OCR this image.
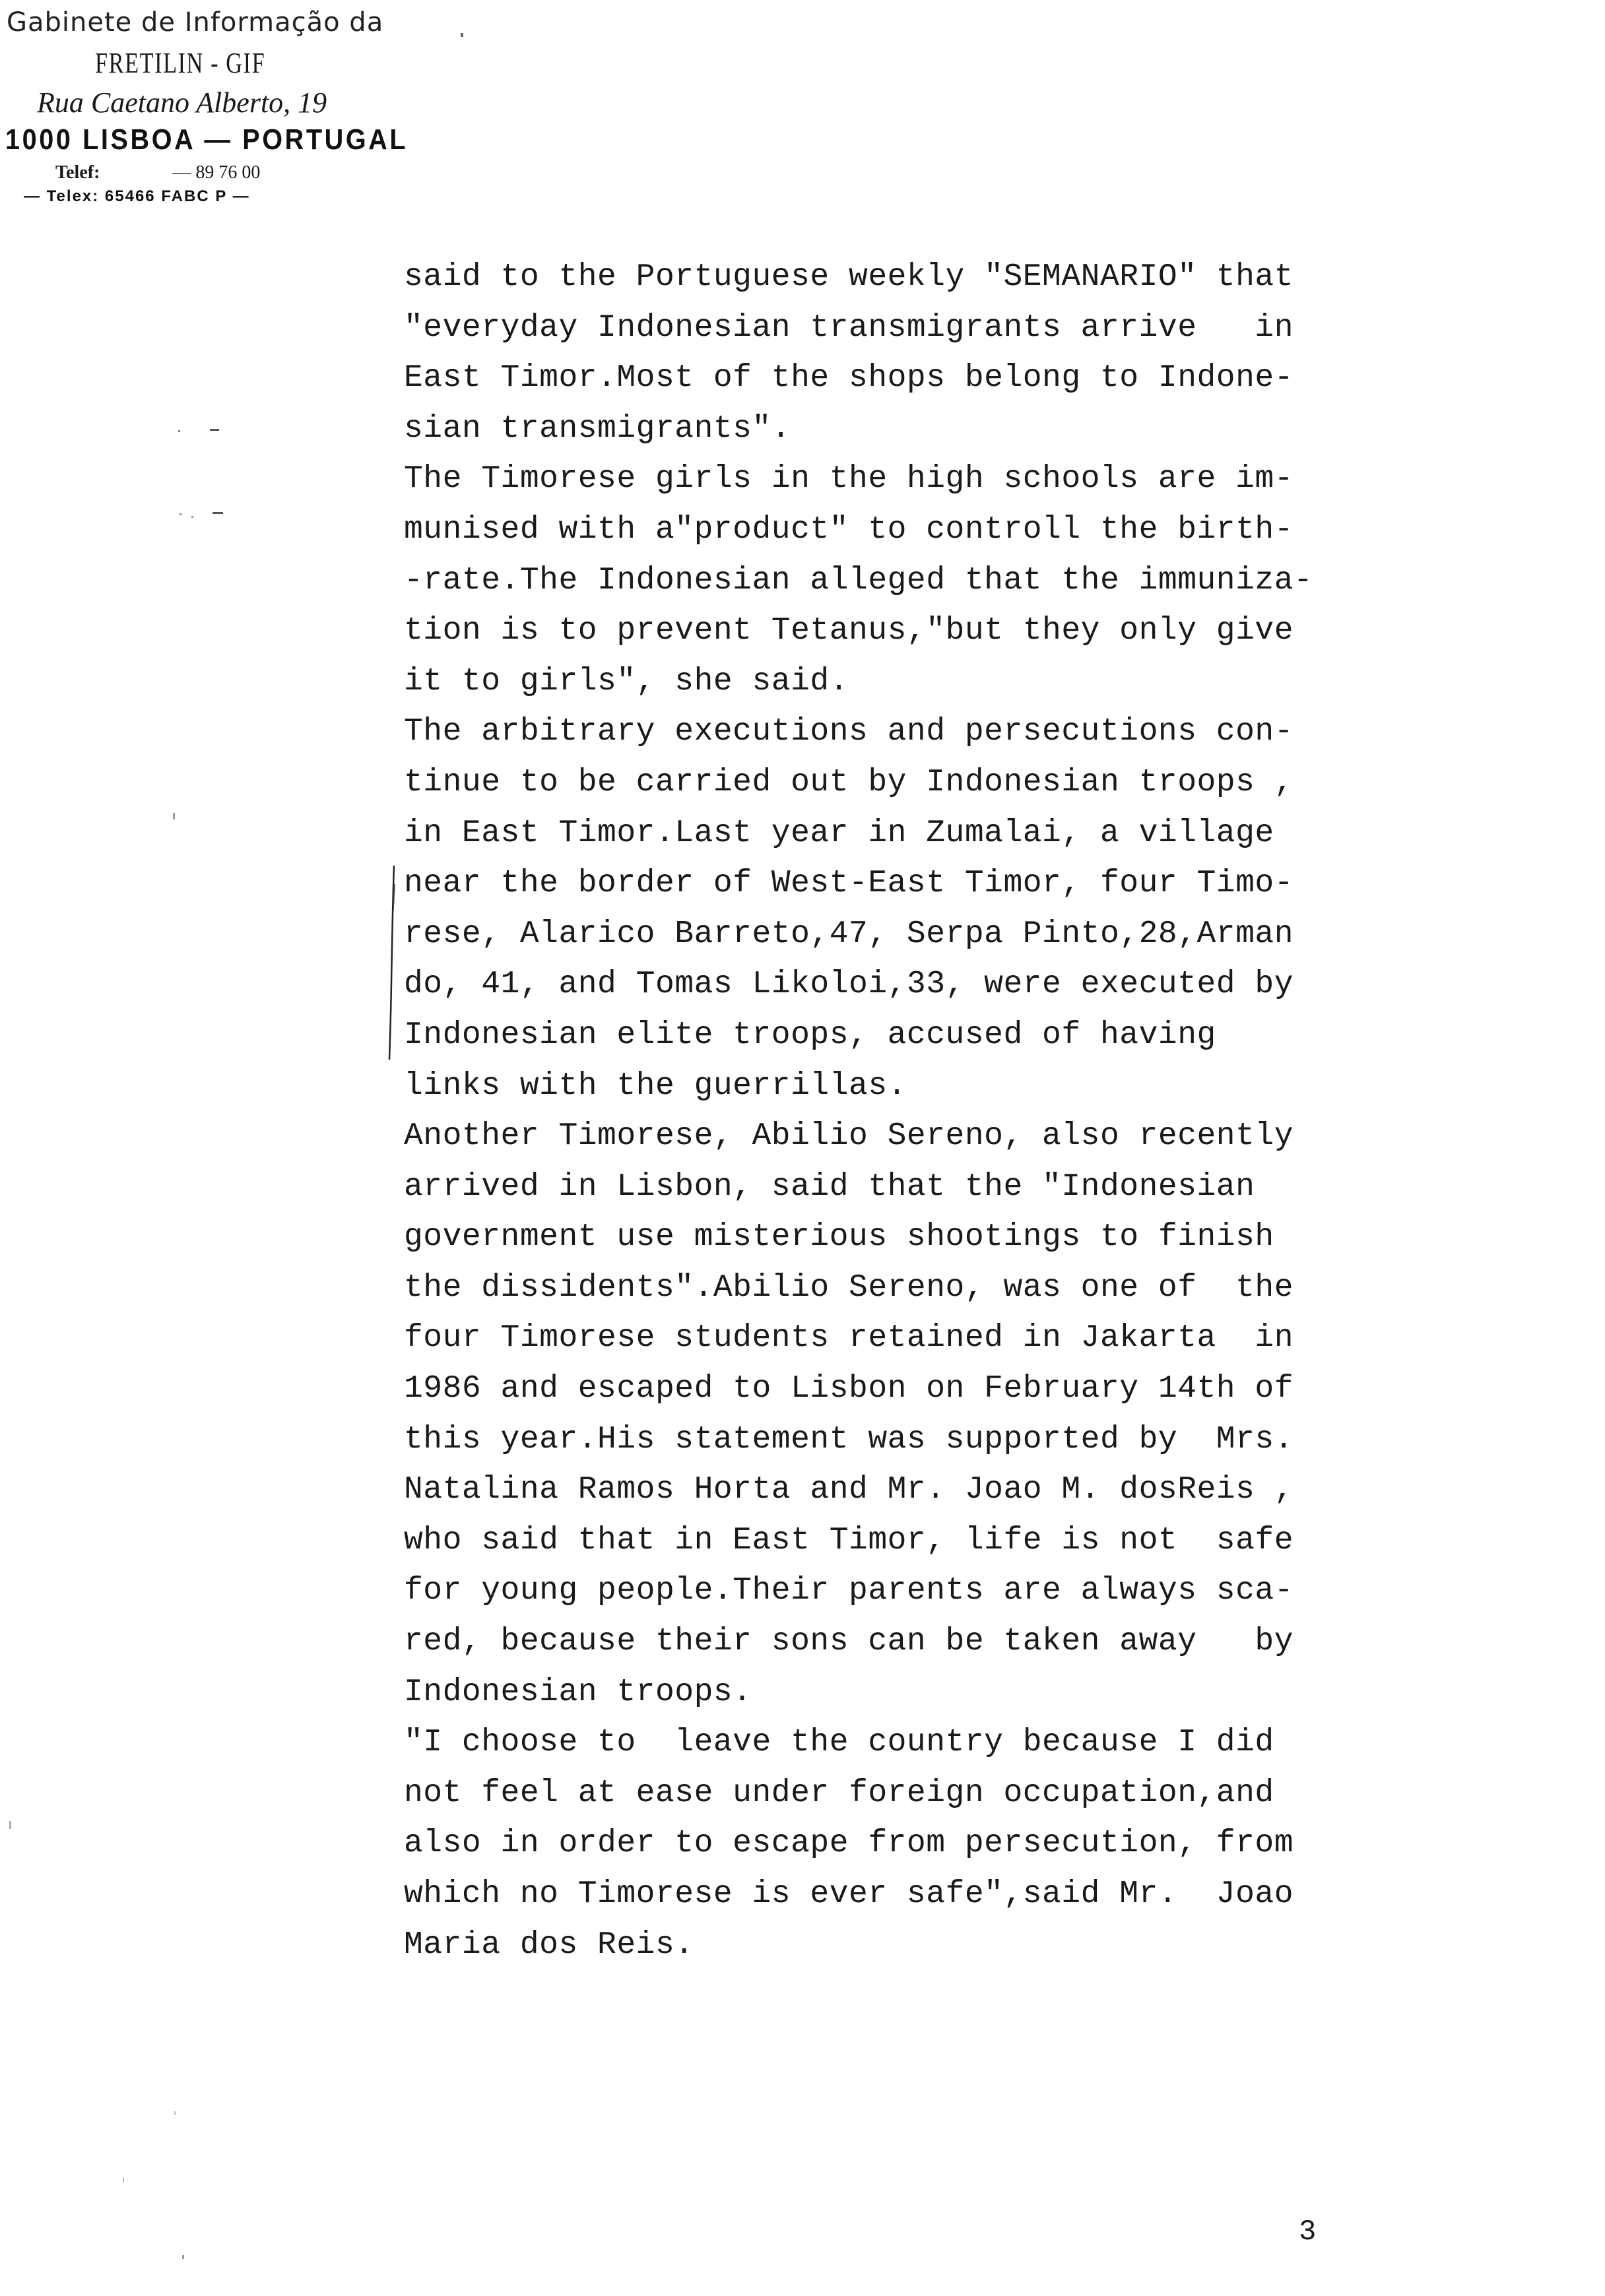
Gabinete de Informação da
FRETILIN - GIF
Rua Caetano Alberto, 19
1000 LISBOA — PORTUGAL
Telef:	— 89 76 00
— Telex: 65466 FABC P —
said to the Portuguese weekly "SEMANARIO" that
"everyday Indonesian transmigrants arrive   in
East Timor.Most of the shops belong to Indone-
sian transmigrants".
The Timorese girls in the high schools are im-
munised with a"product" to controll the birth-
-rate.The Indonesian alleged that the immuniza-
tion is to prevent Tetanus,"but they only give
it to girls", she said.
The arbitrary executions and persecutions con-
tinue to be carried out by Indonesian troops ,
in East Timor.Last year in Zumalai, a village
near the border of West-East Timor, four Timo-
rese, Alarico Barreto,47, Serpa Pinto,28,Arman
do, 41, and Tomas Likoloi,33, were executed by
Indonesian elite troops, accused of having
links with the guerrillas.
Another Timorese, Abilio Sereno, also recently
arrived in Lisbon, said that the "Indonesian
government use misterious shootings to finish
the dissidents".Abilio Sereno, was one of  the
four Timorese students retained in Jakarta  in
1986 and escaped to Lisbon on February 14th of
this year.His statement was supported by  Mrs.
Natalina Ramos Horta and Mr. Joao M. dosReis ,
who said that in East Timor, life is not  safe
for young people.Their parents are always sca-
red, because their sons can be taken away   by
Indonesian troops.
"I choose to  leave the country because I did
not feel at ease under foreign occupation,and
also in order to escape from persecution, from
which no Timorese is ever safe",said Mr.  Joao
Maria dos Reis.
3
